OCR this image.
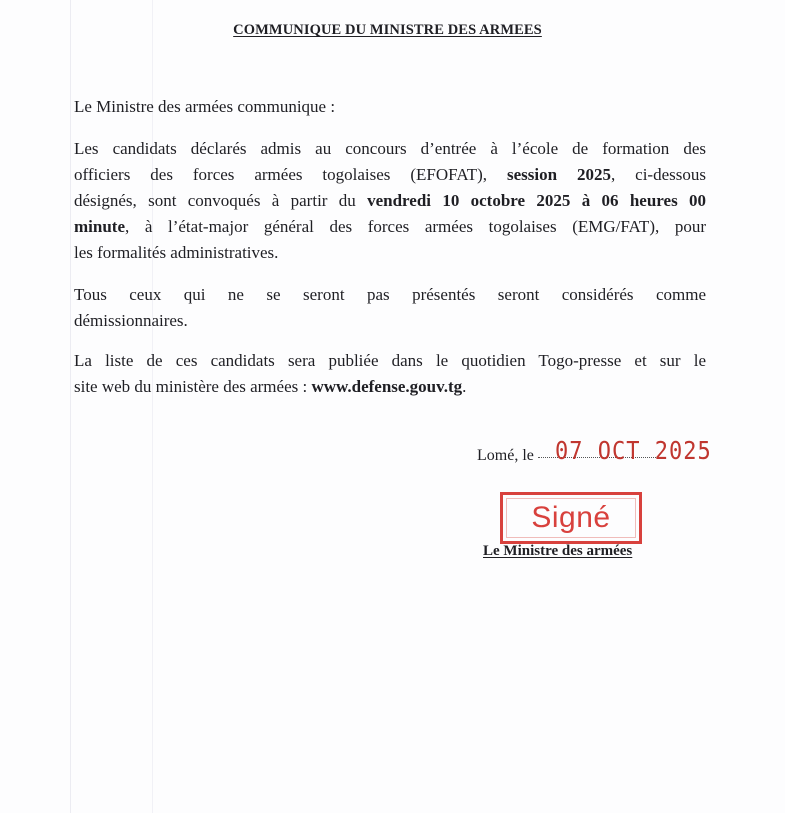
COMMUNIQUE DU MINISTRE DES ARMEES
Le Ministre des armées communique :
Les candidats déclarés admis au concours d’entrée à l’école de formation des
officiers des forces armées togolaises (EFOFAT), session 2025, ci-dessous
désignés, sont convoqués à partir du vendredi 10 octobre 2025 à 06 heures 00
minute, à l’état-major général des forces armées togolaises (EMG/FAT), pour
les formalités administratives.
Tous ceux qui ne se seront pas présentés seront considérés comme
démissionnaires.
La liste de ces candidats sera publiée dans le quotidien Togo-presse et sur le
site web du ministère des armées : www.defense.gouv.tg.
Lomé, le 07 OCT 2025
Signé
Le Ministre des armées
